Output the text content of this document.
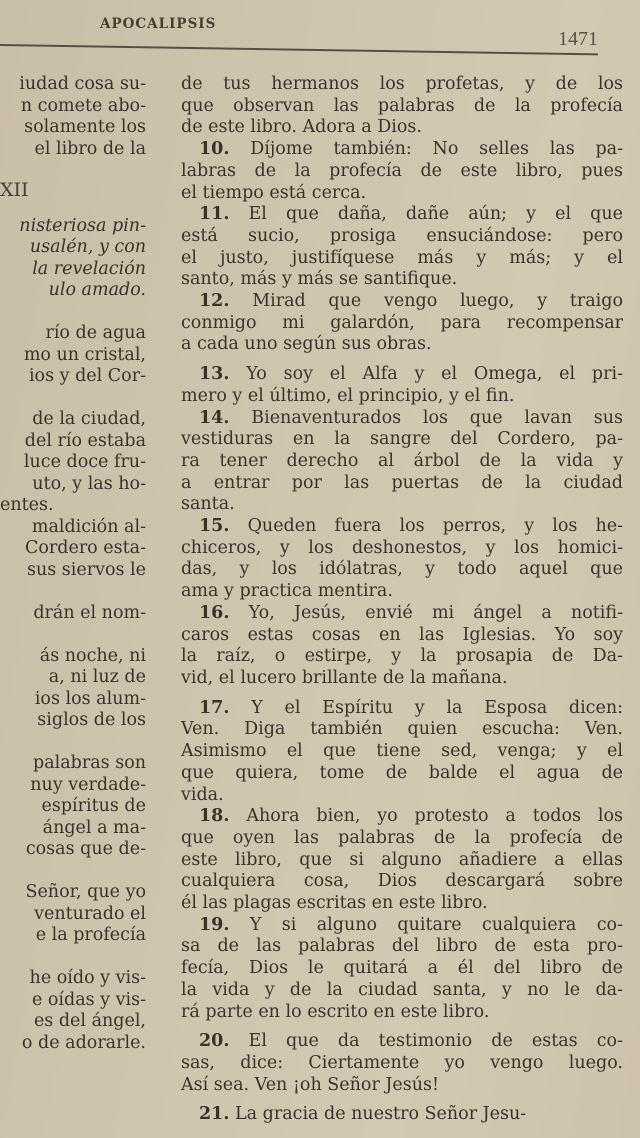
APOCALIPSIS
1471
iudad cosa su-
n comete abo-
solamente los
el libro de la
XII
nisteriosa pin-
usalén, y con
la revelación
ulo amado.
río de agua
mo un cristal,
ios y del Cor-
de la ciudad,
del río estaba
luce doce fru-
uto, y las ho-
entes.
maldición al-
Cordero esta-
sus siervos le
drán el nom-
ás noche, ni
a, ni luz de
ios los alum-
siglos de los
palabras son
nuy verdade-
espíritus de
ángel a ma-
cosas que de-
Señor, que yo
venturado el
e la profecía
he oído y vis-
e oídas y vis-
es del ángel,
o de adorarle.
de tus hermanos los profetas, y de los
que observan las palabras de la profecía
de este libro. Adora a Dios.
10. Díjome también: No selles las pa-
labras de la profecía de este libro, pues
el tiempo está cerca.
11. El que daña, dañe aún; y el que
está sucio, prosiga ensuciándose: pero
el justo, justifíquese más y más; y el
santo, más y más se santifique.
12. Mirad que vengo luego, y traigo
conmigo mi galardón, para recompensar
a cada uno según sus obras.
13. Yo soy el Alfa y el Omega, el pri-
mero y el último, el principio, y el fin.
14. Bienaventurados los que lavan sus
vestiduras en la sangre del Cordero, pa-
ra tener derecho al árbol de la vida y
a entrar por las puertas de la ciudad
santa.
15. Queden fuera los perros, y los he-
chiceros, y los deshonestos, y los homici-
das, y los idólatras, y todo aquel que
ama y practica mentira.
16. Yo, Jesús, envié mi ángel a notifi-
caros estas cosas en las Iglesias. Yo soy
la raíz, o estirpe, y la prosapia de Da-
vid, el lucero brillante de la mañana.
17. Y el Espíritu y la Esposa dicen:
Ven. Diga también quien escucha: Ven.
Asimismo el que tiene sed, venga; y el
que quiera, tome de balde el agua de
vida.
18. Ahora bien, yo protesto a todos los
que oyen las palabras de la profecía de
este libro, que si alguno añadiere a ellas
cualquiera cosa, Dios descargará sobre
él las plagas escritas en este libro.
19. Y si alguno quitare cualquiera co-
sa de las palabras del libro de esta pro-
fecía, Dios le quitará a él del libro de
la vida y de la ciudad santa, y no le da-
rá parte en lo escrito en este libro.
20. El que da testimonio de estas co-
sas, dice: Ciertamente yo vengo luego.
Así sea. Ven ¡oh Señor Jesús!
21. La gracia de nuestro Señor Jesu-
